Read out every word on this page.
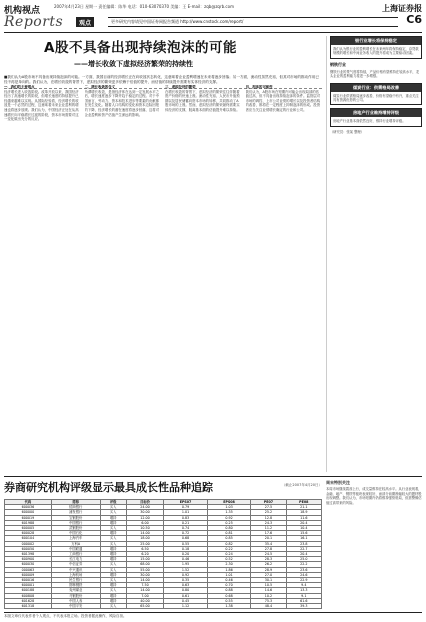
机构视点	2007年4月23日 星期一 责任编辑：陈华 电话：010-63070370 美编：王 E-mail：zqb@zqrb.com	上海证券报
Reports	观点	更多研究内容请见中国证券网报告频道 http://www.cnstock.com/report/	C6
A股不具备出现持续泡沫的可能
——增长收敛下虚拟经济繁荣的持续性
■我们认为A股市场不具备出现持续泡沫的可能。一方面，我国目前的经济增长正在向收敛状态转化，这意味着企业盈利增速在未来将逐步回落；另一方面，流动性虽然充裕，但其对市场的推动作用已经不再是单向的。我们认为，在增长收敛的背景下，虚拟经济的繁荣更多依赖于估值的提升，而估值的持续提升需要有实体经济的支撑。
一、我们的主要观点
经济增长进入收敛阶段。改革开放以来，我国经济经历了高速增长的阶段，但增长速度的持续提升已经越来越难以实现。从国际经验看，经济增长的收敛是一个必然的过程，这意味着未来企业盈利的增速也将逐步放缓。我们认为，中国经济正处在从高速增长向平稳增长过渡的阶段，资本市场需要对这一变化做出充分的反应。
二、增长收敛的含义
所谓增长收敛，是指经济体在达到一定发展水平之后，增长速度逐步下降并趋于稳定的过程。对于中国而言，劳动力、资本和技术进步等要素的贡献都在发生变化。随着人口结构的变化和资本边际回报的下降，经济增长的潜在速度将逐步回落，这将对企业盈利和资产估值产生深远的影响。
三、虚拟经济的繁荣
在增长收敛的背景下，虚拟经济的繁荣往往伴随着资产价格的快速上涨。流动性充裕、人民币升值预期以及居民储蓄向资本市场的转移，共同推动了A股市场的上涨。然而，虚拟经济的繁荣最终需要实体经济的支撑，脱离基本面的估值提升难以持续。
四、泡沫的可能性
我们认为，A股市场在短期内可能会出现局部的估值过高，但不具备出现持续泡沫的条件。监管层对市场的调控、上市公司业绩的增长以及投资者结构的改善，都将在一定程度上抑制泡沫的形成。投资者应当关注业绩增长确定的行业和公司。
银行业增长将保持稳定
我们认为银行业的盈利增长在未来两年将保持稳定，存贷款规模的增长和中间业务收入的提升将成为主要驱动因素。
钢铁行业
钢铁行业的景气度将持续，产品价格有望维持在较高水平，龙头企业的盈利能力将进一步增强。
煤炭行业：供需格局改善
煤炭行业供需格局逐步改善，价格有望稳中有升，重点关注具有资源优势的公司。
房地产行业维持增持评级
房地产行业基本面依然良好，维持行业增持评级。
（研究员：张某 整理）
券商研究机构评级显示最具成长性品种追踪	（截止2007年4月20日）
代码	简称	评级	目标价	EPS07	EPS08	PE07	PE08
600036	招商银行	买入	24.00	0.79	1.03	27.5	21.1
600000	浦发银行	买入	30.00	1.01	1.35	25.2	18.9
600019	宝钢股份	增持	12.00	0.83	0.92	12.8	11.6
601988	中国银行	增持	6.00	0.21	0.25	24.3	20.4
600005	武钢股份	买入	10.50	0.74	0.80	11.2	10.4
600028	中国石化	增持	14.00	0.72	0.81	17.6	15.6
600104	上海汽车	买入	18.00	0.68	0.85	20.1	16.1
000002	万科A	买入	25.00	0.55	0.82	35.4	23.8
600050	中国联通	增持	6.50	0.18	0.22	27.8	22.7
601398	工商银行	增持	6.20	0.20	0.24	24.5	20.4
600900	长江电力	增持	15.00	0.46	0.52	28.3	25.0
600030	中信证券	买入	68.00	1.95	2.30	26.2	22.2
000063	中兴通讯	买入	55.00	1.52	1.86	28.9	23.6
600009	上海机场	增持	30.00	0.92	1.01	27.0	24.6
600016	民生银行	买入	14.00	0.35	0.46	30.1	22.9
600001	邯郸钢铁	增持	7.50	0.63	0.70	10.5	9.4
600188	兖州煤业	买入	14.00	0.80	0.88	14.6	13.3
600808	马钢股份	增持	7.00	0.61	0.68	10.2	9.1
601628	中国人寿	增持	40.00	0.45	0.55	75.3	61.6
601318	中国平安	买入	65.00	1.12	1.38	48.4	39.3
周末特别关注
本周市场继续震荡上行，成交量维持在较高水平。从行业表现看，金融、地产、钢铁等板块表现较好，而部分前期涨幅较大的题材股出现调整。我们认为，市场短期内仍将维持强势格局，但需警惕估值过高带来的风险。
本版文章仅代表作者个人观点，不代表本报立场。投资者据此操作，风险自担。
